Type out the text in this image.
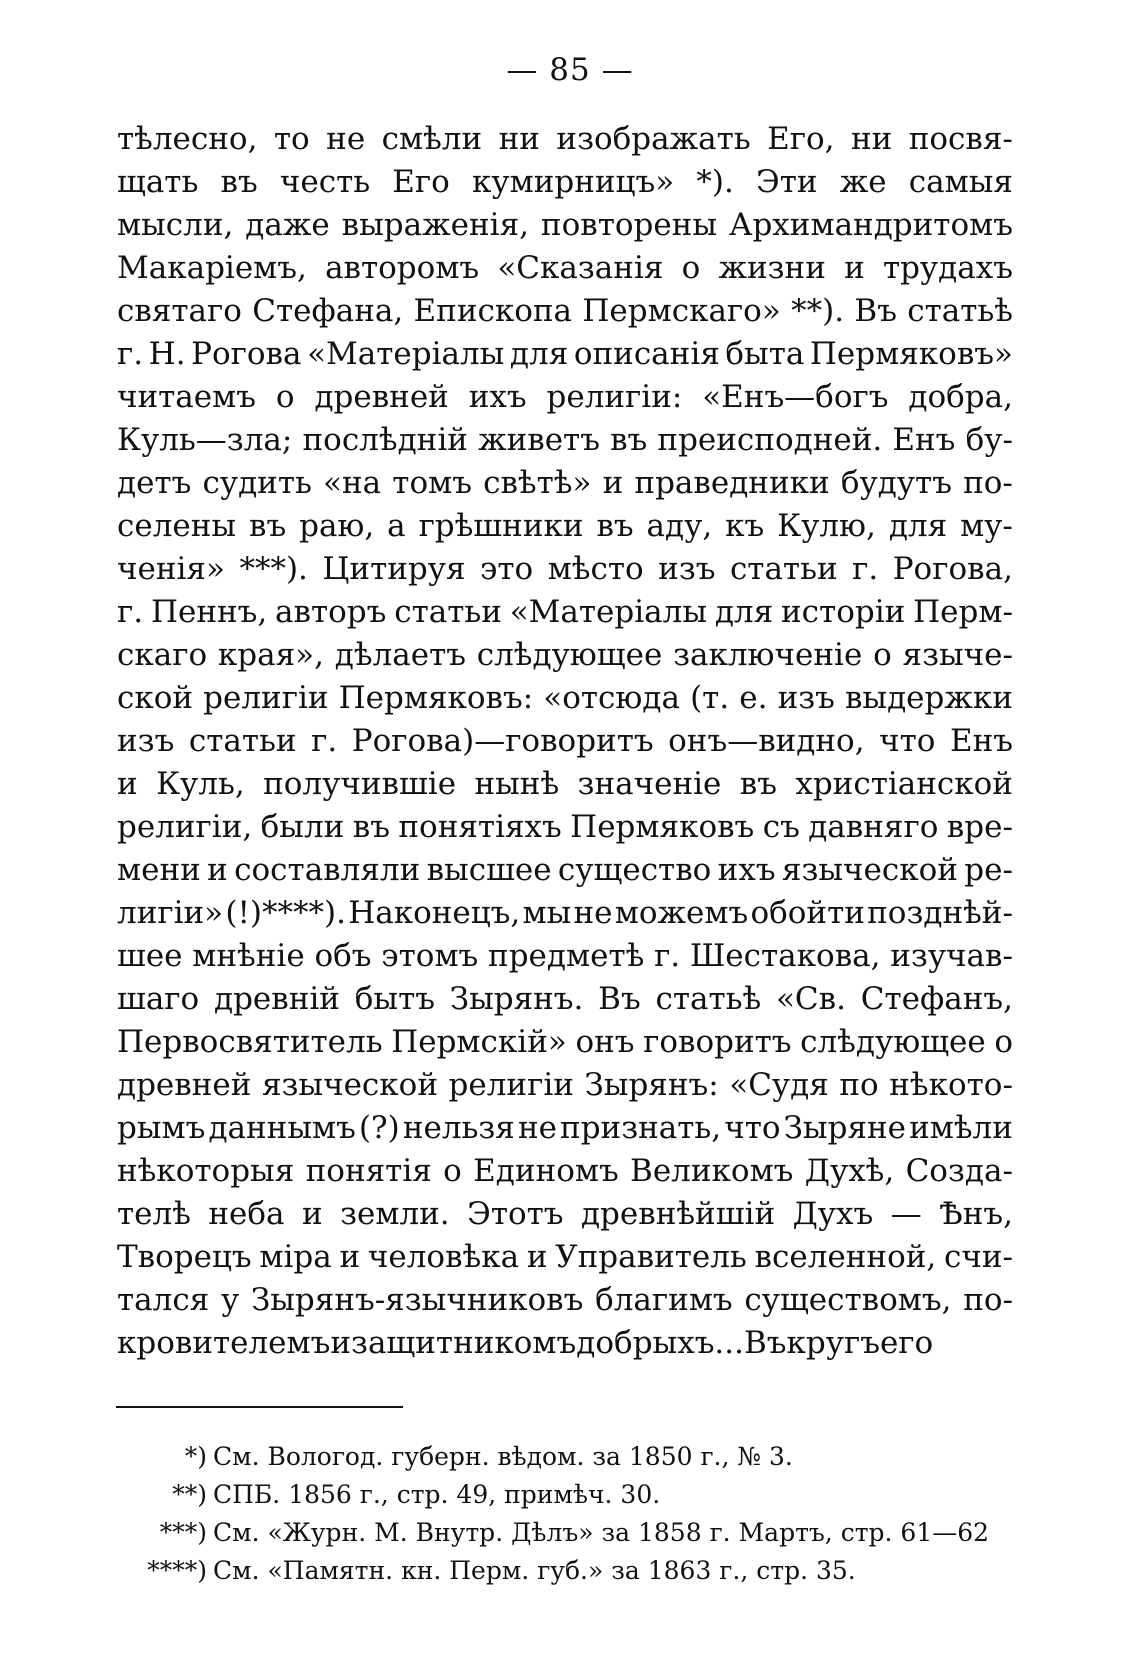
— 85 —
тѣлесно, то не смѣли ни изображать Его, ни посвя-
щать въ честь Его кумирницъ» *). Эти же самыя
мысли, даже выраженія, повторены Архимандритомъ
Макаріемъ, авторомъ «Сказанія о жизни и трудахъ
святаго Стефана, Епископа Пермскаго» **). Въ статьѣ
г. Н. Рогова «Матеріалы для описанія быта Пермяковъ»
читаемъ о древней ихъ религіи: «Енъ—богъ добра,
Куль—зла; послѣдній живетъ въ преисподней. Енъ бу-
детъ судить «на томъ свѣтѣ» и праведники будутъ по-
селены въ раю, а грѣшники въ аду, къ Кулю, для му-
ченія» ***). Цитируя это мѣсто изъ статьи г. Рогова,
г. Пеннъ, авторъ статьи «Матеріалы для исторіи Перм-
скаго края», дѣлаетъ слѣдующее заключеніе о языче-
ской религіи Пермяковъ: «отсюда (т. е. изъ выдержки
изъ статьи г. Рогова)—говоритъ онъ—видно, что Енъ
и Куль, получившіе нынѣ значеніе въ христіанской
религіи, были въ понятіяхъ Пермяковъ съ давняго вре-
мени и составляли высшее существо ихъ языческой ре-
лигіи» (!)****). Наконецъ, мы не можемъ обойти позднѣй-
шее мнѣніе объ этомъ предметѣ г. Шестакова, изучав-
шаго древній бытъ Зырянъ. Въ статьѣ «Св. Стефанъ,
Первосвятитель Пермскій» онъ говоритъ слѣдующее о
древней языческой религіи Зырянъ: «Судя по нѣкото-
рымъ даннымъ (?) нельзя не признать, что Зыряне имѣли
нѣкоторыя понятія о Единомъ Великомъ Духѣ, Созда-
телѣ неба и земли. Этотъ древнѣйшій Духъ — Ѣнъ,
Творецъ міра и человѣка и Управитель вселенной, счи-
тался у Зырянъ-язычниковъ благимъ существомъ, по-
кровителемъ и защитникомъ добрыхъ... Въ кругъ его
*) См. Вологод. губерн. вѣдом. за 1850 г., № 3.
**) СПБ. 1856 г., стр. 49, примѣч. 30.
***) См. «Журн. М. Внутр. Дѣлъ» за 1858 г. Мартъ, стр. 61—62
****) См. «Памятн. кн. Перм. губ.» за 1863 г., стр. 35.
